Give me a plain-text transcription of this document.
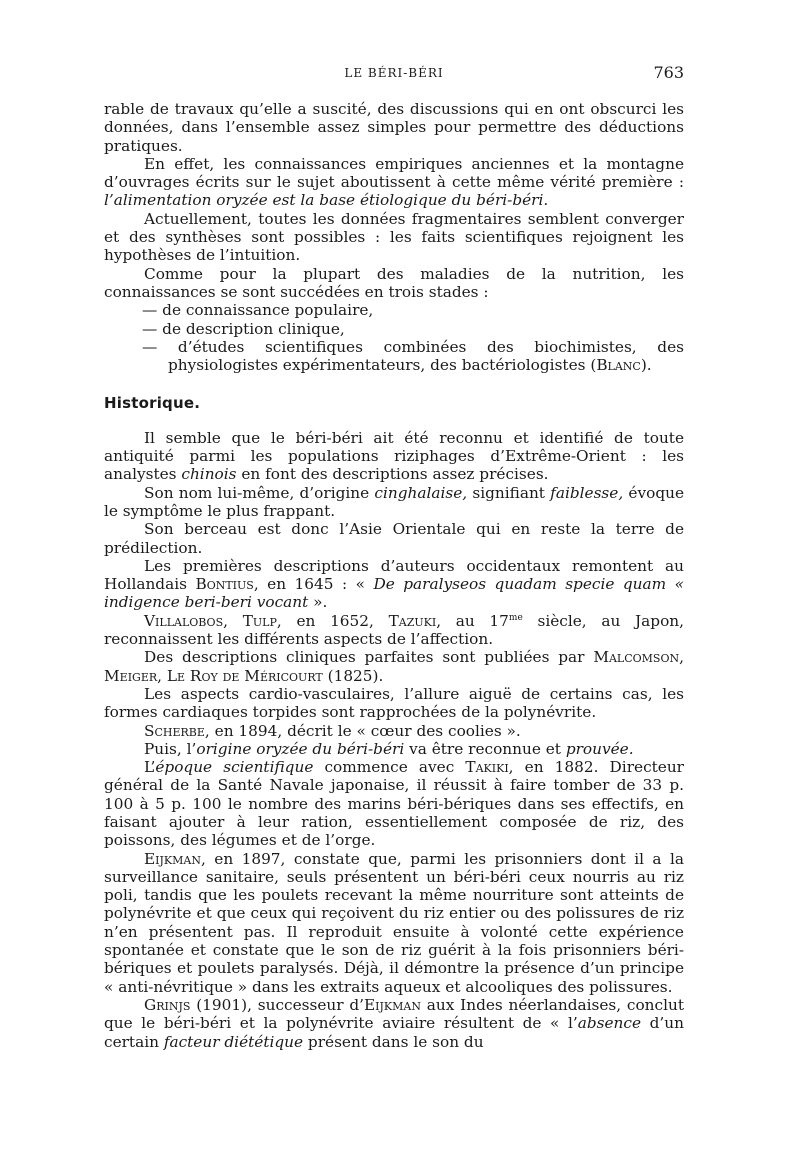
LE BÉRI-BÉRI	763

rable de travaux qu’elle a suscité, des discussions qui en ont obscurci les données, dans l’ensemble assez simples pour permettre des déductions pratiques.

En effet, les connaissances empiriques anciennes et la montagne d’ouvrages écrits sur le sujet aboutissent à cette même vérité première : l’alimentation oryzée est la base étiologique du béri-béri.

Actuellement, toutes les données fragmentaires semblent converger et des synthèses sont possibles : les faits scientifiques rejoignent les hypothèses de l’intuition.

Comme pour la plupart des maladies de la nutrition, les connaissances se sont succédées en trois stades :

— de connaissance populaire,

— de description clinique,

— d’études scientifiques combinées des biochimistes, des physiologistes expérimentateurs, des bactériologistes (Blanc).

Historique.

Il semble que le béri-béri ait été reconnu et identifié de toute antiquité parmi les populations riziphages d’Extrême-Orient : les analystes chinois en font des descriptions assez précises.

Son nom lui-même, d’origine cinghalaise, signifiant faiblesse, évoque le symptôme le plus frappant.

Son berceau est donc l’Asie Orientale qui en reste la terre de prédilection.

Les premières descriptions d’auteurs occidentaux remontent au Hollandais Bontius, en 1645 : « De paralyseos quadam specie quam « indigence beri-beri vocant ».

Villalobos, Tulp, en 1652, Tazuki, au $17^{me}$ siècle, au Japon, reconnaissent les différents aspects de l’affection.

Des descriptions cliniques parfaites sont publiées par Malcomson, Meiger, Le Roy de Méricourt (1825).

Les aspects cardio-vasculaires, l’allure aiguë de certains cas, les formes cardiaques torpides sont rapprochées de la polynévrite.

Scherbe, en 1894, décrit le « cœur des coolies ».

Puis, l’origine oryzée du béri-béri va être reconnue et prouvée.

L’époque scientifique commence avec Takiki, en 1882. Directeur général de la Santé Navale japonaise, il réussit à faire tomber de 33 p. 100 à 5 p. 100 le nombre des marins béri-bériques dans ses effectifs, en faisant ajouter à leur ration, essentiellement composée de riz, des poissons, des légumes et de l’orge.

Eijkman, en 1897, constate que, parmi les prisonniers dont il a la surveillance sanitaire, seuls présentent un béri-béri ceux nourris au riz poli, tandis que les poulets recevant la même nourriture sont atteints de polynévrite et que ceux qui reçoivent du riz entier ou des polissures de riz n’en présentent pas. Il reproduit ensuite à volonté cette expérience spontanée et constate que le son de riz guérit à la fois prisonniers béri-bériques et poulets paralysés. Déjà, il démontre la présence d’un principe « anti-névritique » dans les extraits aqueux et alcooliques des polissures.

Grinjs (1901), successeur d’Eijkman aux Indes néerlandaises, conclut que le béri-béri et la polynévrite aviaire résultent de « l’absence d’un certain facteur diététique présent dans le son du
